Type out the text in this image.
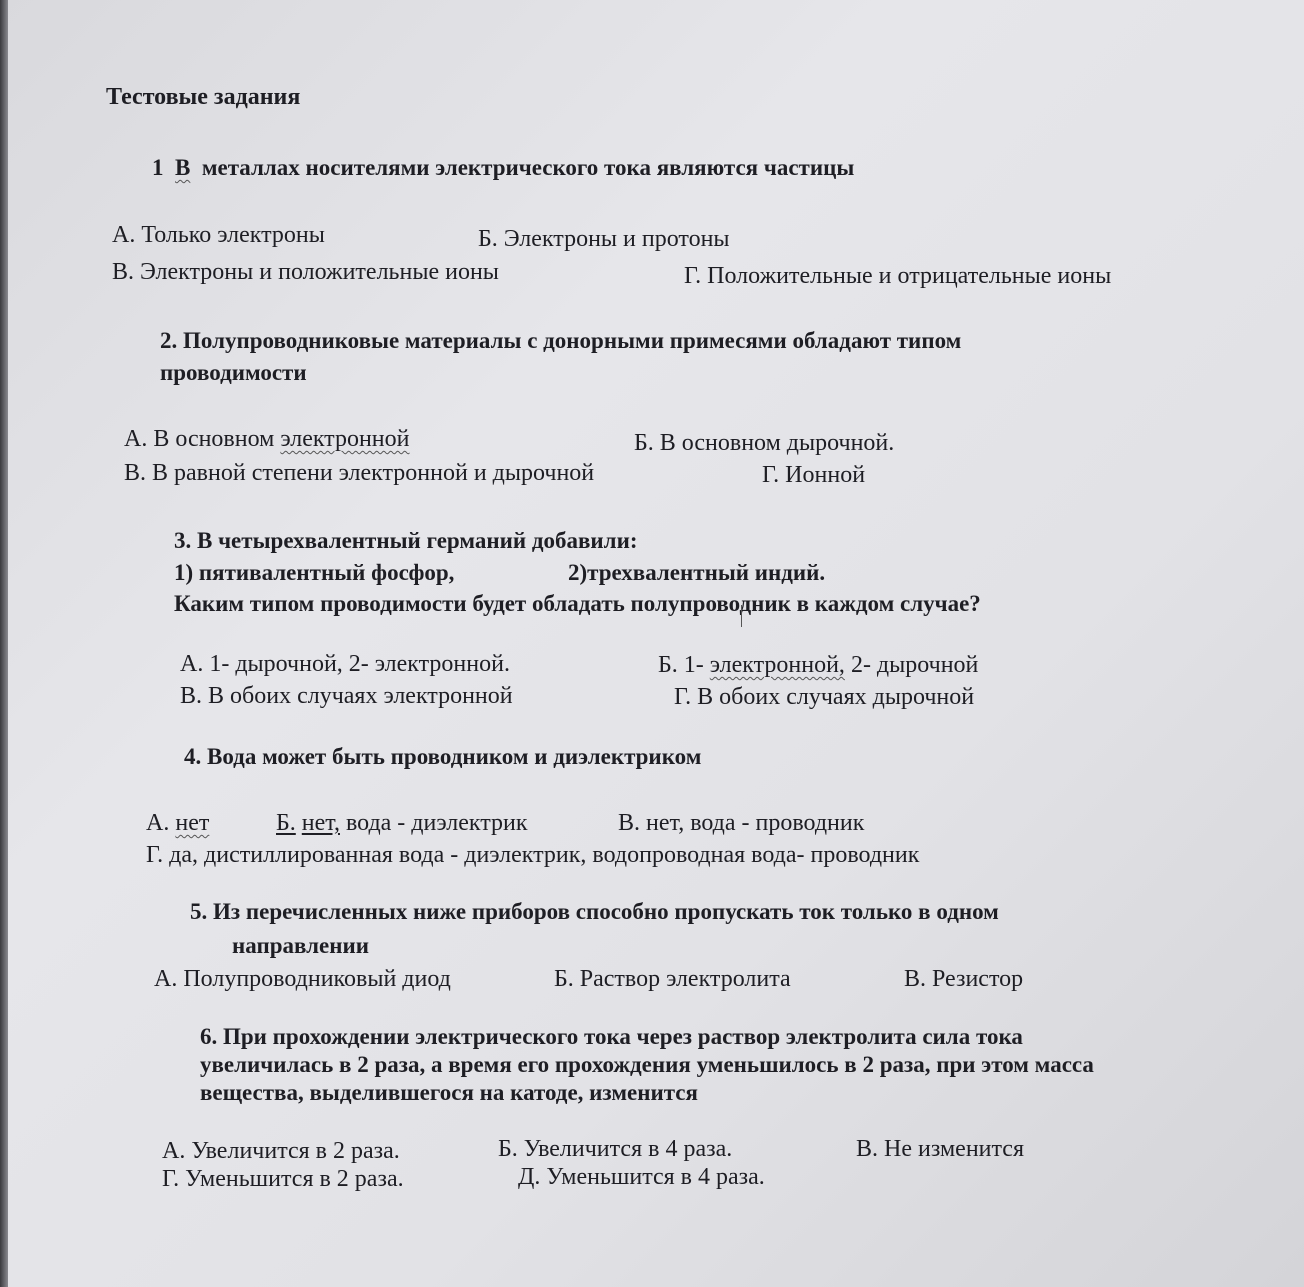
Тестовые задания
1 В металлах носителями электрического тока являются частицы
А. Только электроны	Б. Электроны и протоны
В. Электроны и положительные ионы	Г. Положительные и отрицательные ионы
2. Полупроводниковые материалы с донорными примесями обладают типом
проводимости
А. В основном электронной	Б. В основном дырочной.
В. В равной степени электронной и дырочной	Г. Ионной
3. В четырехвалентный германий добавили:
1) пятивалентный фосфор,	2)трехвалентный индий.
Каким типом проводимости будет обладать полупроводник в каждом случае?
А. 1- дырочной, 2- электронной.	Б. 1- электронной, 2- дырочной
В. В обоих случаях электронной	Г. В обоих случаях дырочной
4. Вода может быть проводником и диэлектриком
А. нет	Б. нет, вода - диэлектрик	В. нет, вода - проводник
Г. да, дистиллированная вода - диэлектрик, водопроводная вода- проводник
5. Из перечисленных ниже приборов способно пропускать ток только в одном
направлении
А. Полупроводниковый диод	Б. Раствор электролита	В. Резистор
6. При прохождении электрического тока через раствор электролита сила тока
увеличилась в 2 раза, а время его прохождения уменьшилось в 2 раза, при этом масса
вещества, выделившегося на катоде, изменится
А. Увеличится в 2 раза.	Б. Увеличится в 4 раза.	В. Не изменится
Г. Уменьшится в 2 раза.	Д. Уменьшится в 4 раза.
